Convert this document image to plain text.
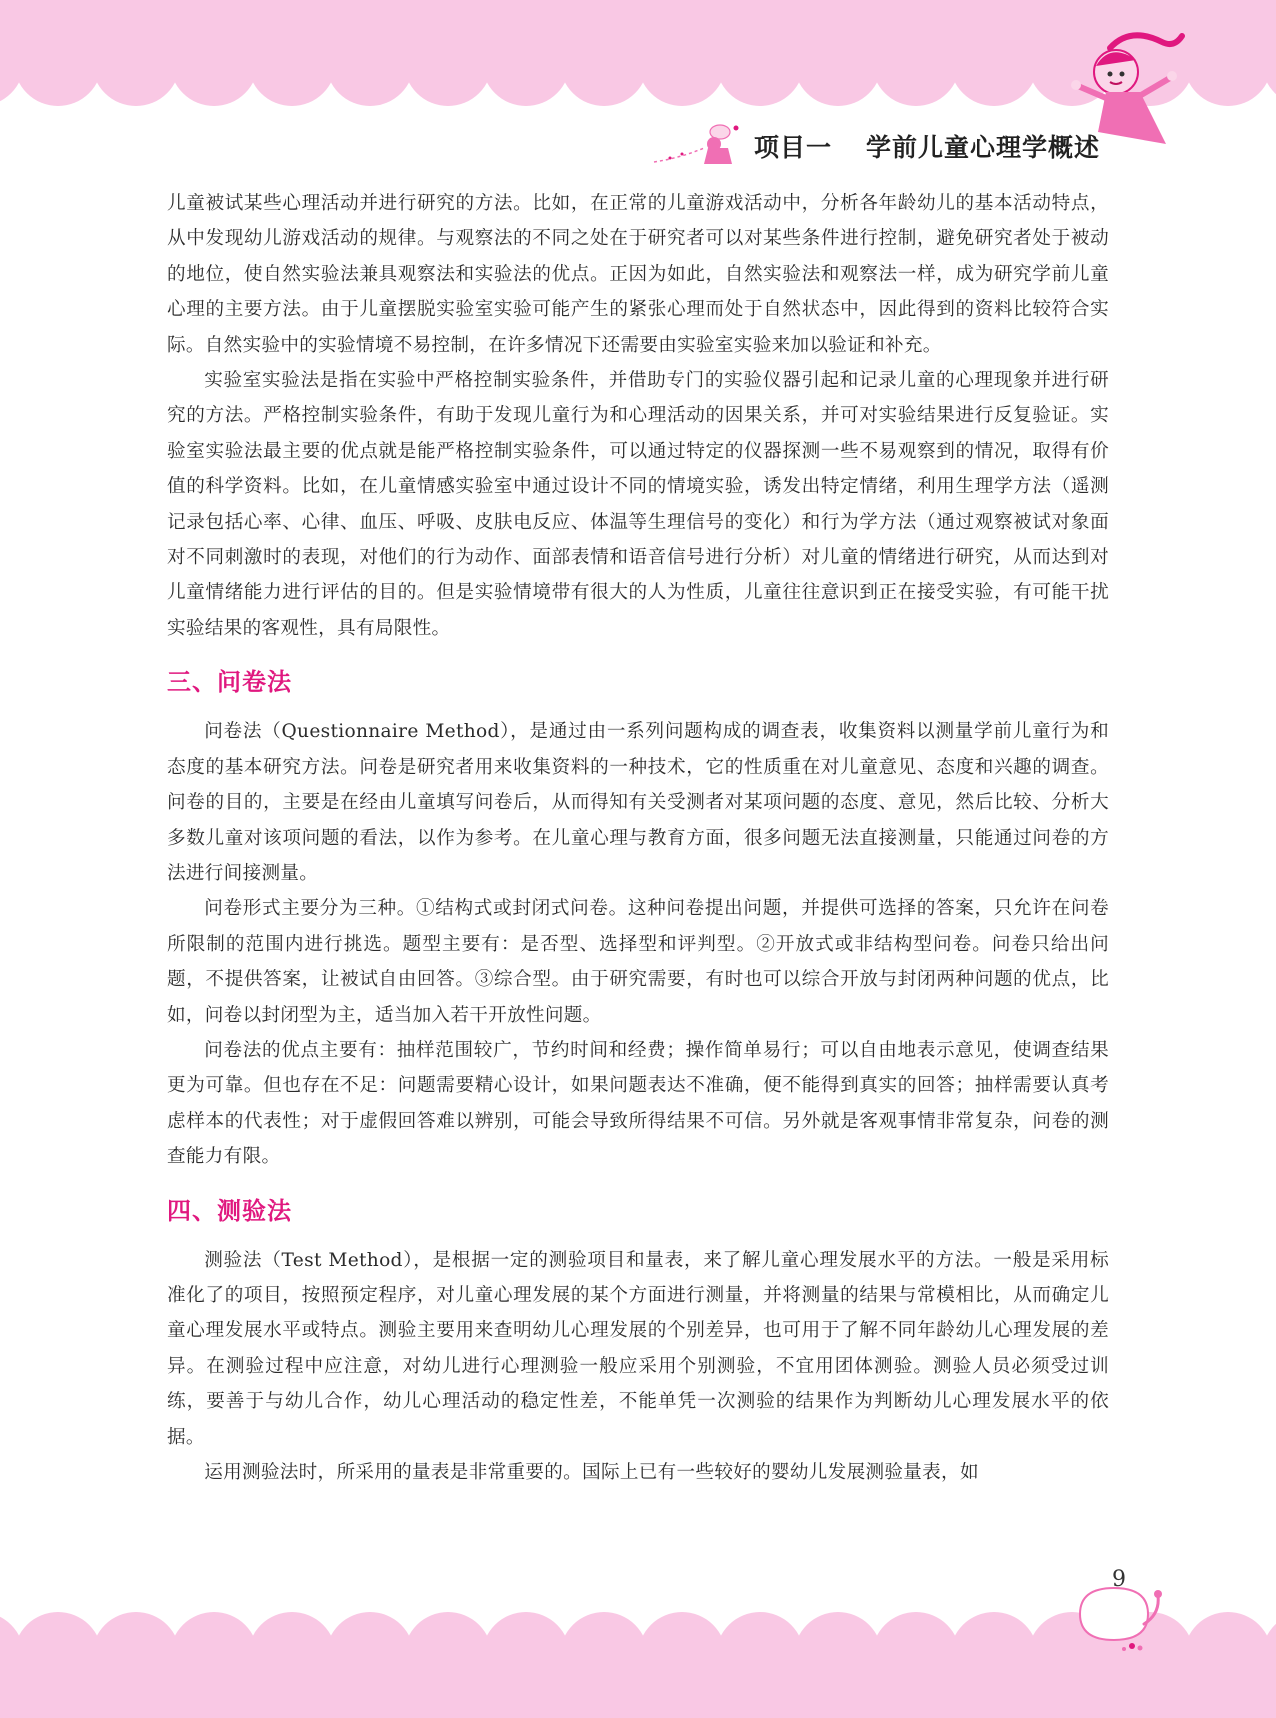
项目一 学前儿童心理学概述

儿童被试某些心理活动并进行研究的方法。比如，在正常的儿童游戏活动中，分析各年龄幼儿的基本活动特点，从中发现幼儿游戏活动的规律。与观察法的不同之处在于研究者可以对某些条件进行控制，避免研究者处于被动的地位，使自然实验法兼具观察法和实验法的优点。正因为如此，自然实验法和观察法一样，成为研究学前儿童心理的主要方法。由于儿童摆脱实验室实验可能产生的紧张心理而处于自然状态中，因此得到的资料比较符合实际。自然实验中的实验情境不易控制，在许多情况下还需要由实验室实验来加以验证和补充。

实验室实验法是指在实验中严格控制实验条件，并借助专门的实验仪器引起和记录儿童的心理现象并进行研究的方法。严格控制实验条件，有助于发现儿童行为和心理活动的因果关系，并可对实验结果进行反复验证。实验室实验法最主要的优点就是能严格控制实验条件，可以通过特定的仪器探测一些不易观察到的情况，取得有价值的科学资料。比如，在儿童情感实验室中通过设计不同的情境实验，诱发出特定情绪，利用生理学方法（遥测记录包括心率、心律、血压、呼吸、皮肤电反应、体温等生理信号的变化）和行为学方法（通过观察被试对象面对不同刺激时的表现，对他们的行为动作、面部表情和语音信号进行分析）对儿童的情绪进行研究，从而达到对儿童情绪能力进行评估的目的。但是实验情境带有很大的人为性质，儿童往往意识到正在接受实验，有可能干扰实验结果的客观性，具有局限性。

三、问卷法

问卷法（Questionnaire Method），是通过由一系列问题构成的调查表，收集资料以测量学前儿童行为和态度的基本研究方法。问卷是研究者用来收集资料的一种技术，它的性质重在对儿童意见、态度和兴趣的调查。问卷的目的，主要是在经由儿童填写问卷后，从而得知有关受测者对某项问题的态度、意见，然后比较、分析大多数儿童对该项问题的看法，以作为参考。在儿童心理与教育方面，很多问题无法直接测量，只能通过问卷的方法进行间接测量。

问卷形式主要分为三种。①结构式或封闭式问卷。这种问卷提出问题，并提供可选择的答案，只允许在问卷所限制的范围内进行挑选。题型主要有：是否型、选择型和评判型。②开放式或非结构型问卷。问卷只给出问题，不提供答案，让被试自由回答。③综合型。由于研究需要，有时也可以综合开放与封闭两种问题的优点，比如，问卷以封闭型为主，适当加入若干开放性问题。

问卷法的优点主要有：抽样范围较广，节约时间和经费；操作简单易行；可以自由地表示意见，使调查结果更为可靠。但也存在不足：问题需要精心设计，如果问题表达不准确，便不能得到真实的回答；抽样需要认真考虑样本的代表性；对于虚假回答难以辨别，可能会导致所得结果不可信。另外就是客观事情非常复杂，问卷的测查能力有限。

四、测验法

测验法（Test Method），是根据一定的测验项目和量表，来了解儿童心理发展水平的方法。一般是采用标准化了的项目，按照预定程序，对儿童心理发展的某个方面进行测量，并将测量的结果与常模相比，从而确定儿童心理发展水平或特点。测验主要用来查明幼儿心理发展的个别差异，也可用于了解不同年龄幼儿心理发展的差异。在测验过程中应注意，对幼儿进行心理测验一般应采用个别测验，不宜用团体测验。测验人员必须受过训练，要善于与幼儿合作，幼儿心理活动的稳定性差，不能单凭一次测验的结果作为判断幼儿心理发展水平的依据。

运用测验法时，所采用的量表是非常重要的。国际上已有一些较好的婴幼儿发展测验量表，如

9
